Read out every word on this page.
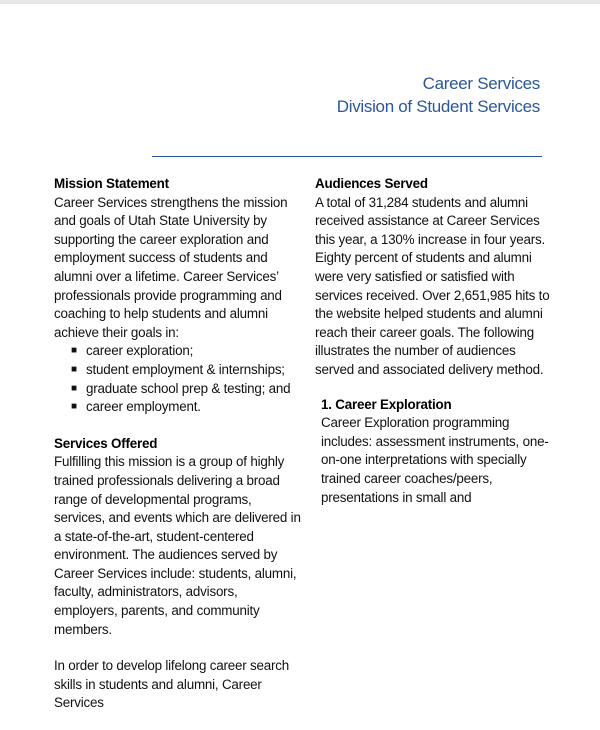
Career Services
Division of Student Services
Mission Statement

Career Services strengthens the mission and goals of Utah State University by supporting the career exploration and employment success of students and alumni over a lifetime. Career Services’ professionals provide programming and coaching to help students and alumni achieve their goals in:

■ career exploration;
■ student employment & internships;
■ graduate school prep & testing; and
■ career employment.
Services Offered

Fulfilling this mission is a group of highly trained professionals delivering a broad range of developmental programs, services, and events which are delivered in a state-of-the-art, student-centered environment. The audiences served by Career Services include: students, alumni, faculty, administrators, advisors, employers, parents, and community members.

In order to develop lifelong career search skills in students and alumni, Career Services

Audiences Served

A total of 31,284 students and alumni received assistance at Career Services this year, a 130% increase in four years. Eighty percent of students and alumni were very satisfied or satisfied with services received. Over 2,651,985 hits to the website helped students and alumni reach their career goals. The following illustrates the number of audiences served and associated delivery method.

1. Career Exploration

Career Exploration programming includes: assessment instruments, one-on-one interpretations with specially trained career coaches/peers, presentations in small and
